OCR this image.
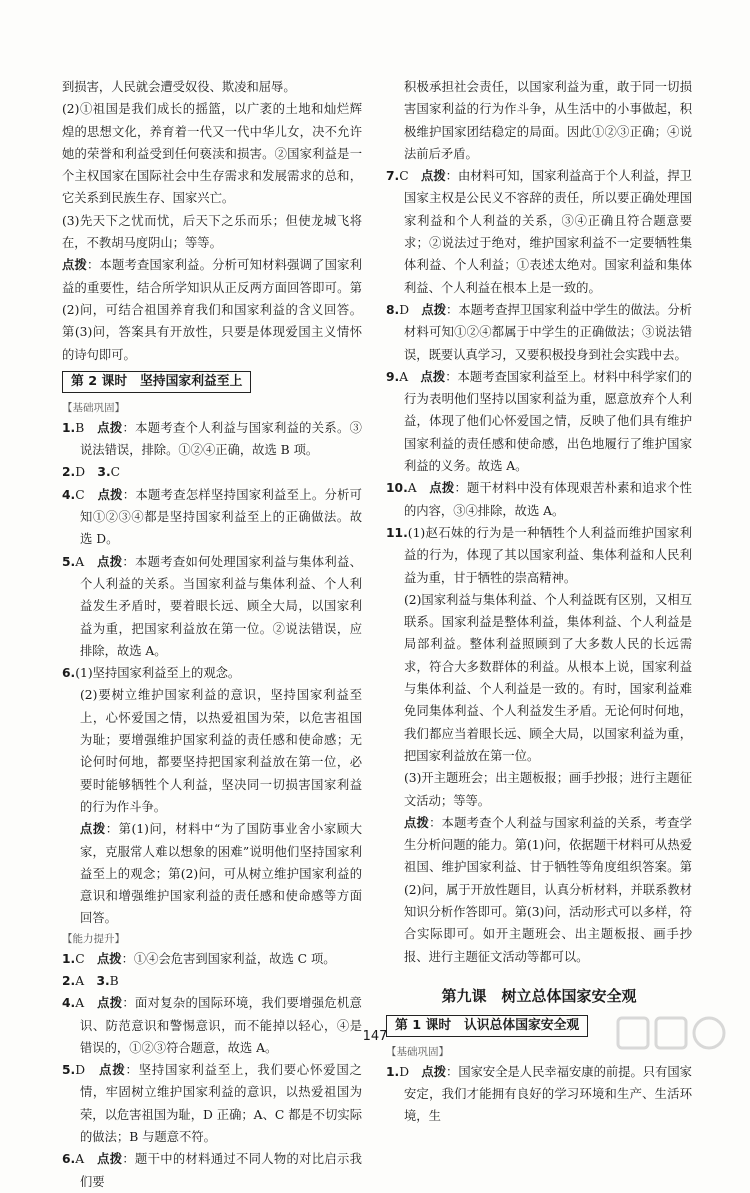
到损害，人民就会遭受奴役、欺凌和屈辱。

(2)①祖国是我们成长的摇篮，以广袤的土地和灿烂辉煌的思想文化，养育着一代又一代中华儿女，决不允许她的荣誉和利益受到任何亵渎和损害。②国家利益是一个主权国家在国际社会中生存需求和发展需求的总和，它关系到民族生存、国家兴亡。

(3)先天下之忧而忧，后天下之乐而乐；但使龙城飞将在，不教胡马度阴山；等等。

点拨：本题考查国家利益。分析可知材料强调了国家利益的重要性，结合所学知识从正反两方面回答即可。第(2)问，可结合祖国养育我们和国家利益的含义回答。第(3)问，答案具有开放性，只要是体现爱国主义情怀的诗句即可。

第 2 课时　坚持国家利益至上

【基础巩固】

1.B　 点拨：本题考查个人利益与国家利益的关系。③说法错误，排除。①②④正确，故选 B 项。

2.D　 3.C

4.C　 点拨：本题考查怎样坚持国家利益至上。分析可知①②③④都是坚持国家利益至上的正确做法。故选 D。

5.A　 点拨：本题考查如何处理国家利益与集体利益、个人利益的关系。当国家利益与集体利益、个人利益发生矛盾时，要着眼长远、顾全大局，以国家利益为重，把国家利益放在第一位。②说法错误，应排除，故选 A。

6.(1)坚持国家利益至上的观念。

(2)要树立维护国家利益的意识，坚持国家利益至上，心怀爱国之情，以热爱祖国为荣，以危害祖国为耻；要增强维护国家利益的责任感和使命感；无论何时何地，都要坚持把国家利益放在第一位，必要时能够牺牲个人利益，坚决同一切损害国家利益的行为作斗争。

点拨：第(1)问，材料中“为了国防事业舍小家顾大家，克服常人难以想象的困难”说明他们坚持国家利益至上的观念；第(2)问，可从树立维护国家利益的意识和增强维护国家利益的责任感和使命感等方面回答。

【能力提升】

1.C　 点拨：①④会危害到国家利益，故选 C 项。

2.A　 3.B

4.A　 点拨：面对复杂的国际环境，我们要增强危机意识、防范意识和警惕意识，而不能掉以轻心，④是错误的，①②③符合题意，故选 A。

5.D　 点拨：坚持国家利益至上，我们要心怀爱国之情，牢固树立维护国家利益的意识，以热爱祖国为荣，以危害祖国为耻，D 正确；A、C 都是不切实际的做法；B 与题意不符。

6.A　 点拨：题干中的材料通过不同人物的对比启示我们要

积极承担社会责任，以国家利益为重，敢于同一切损害国家利益的行为作斗争，从生活中的小事做起，积极维护国家团结稳定的局面。因此①②③正确；④说法前后矛盾。

7.C　 点拨：由材料可知，国家利益高于个人利益，捍卫国家主权是公民义不容辞的责任，所以要正确处理国家利益和个人利益的关系，③④正确且符合题意要求；②说法过于绝对，维护国家利益不一定要牺牲集体利益、个人利益；①表述太绝对。国家利益和集体利益、个人利益在根本上是一致的。

8.D　 点拨：本题考查捍卫国家利益中学生的做法。分析材料可知①②④都属于中学生的正确做法；③说法错误，既要认真学习，又要积极投身到社会实践中去。

9.A　 点拨：本题考查国家利益至上。材料中科学家们的行为表明他们坚持以国家利益为重，愿意放弃个人利益，体现了他们心怀爱国之情，反映了他们具有维护国家利益的责任感和使命感，出色地履行了维护国家利益的义务。故选 A。

10.A　 点拨：题干材料中没有体现艰苦朴素和追求个性的内容，③④排除，故选 A。

11.(1)赵石妹的行为是一种牺牲个人利益而维护国家利益的行为，体现了其以国家利益、集体利益和人民利益为重，甘于牺牲的崇高精神。

(2)国家利益与集体利益、个人利益既有区别，又相互联系。国家利益是整体利益，集体利益、个人利益是局部利益。整体利益照顾到了大多数人民的长远需求，符合大多数群体的利益。从根本上说，国家利益与集体利益、个人利益是一致的。有时，国家利益难免同集体利益、个人利益发生矛盾。无论何时何地，我们都应当着眼长远、顾全大局，以国家利益为重，把国家利益放在第一位。

(3)开主题班会；出主题板报；画手抄报；进行主题征文活动；等等。

点拨：本题考查个人利益与国家利益的关系，考查学生分析问题的能力。第(1)问，依据题干材料可从热爱祖国、维护国家利益、甘于牺牲等角度组织答案。第(2)问，属于开放性题目，认真分析材料，并联系教材知识分析作答即可。第(3)问，活动形式可以多样，符合实际即可。如开主题班会、出主题板报、画手抄报、进行主题征文活动等都可以。

第九课　树立总体国家安全观

第 1 课时　认识总体国家安全观

【基础巩固】

1.D　 点拨：国家安全是人民幸福安康的前提。只有国家安定，我们才能拥有良好的学习环境和生产、生活环境，生

147
